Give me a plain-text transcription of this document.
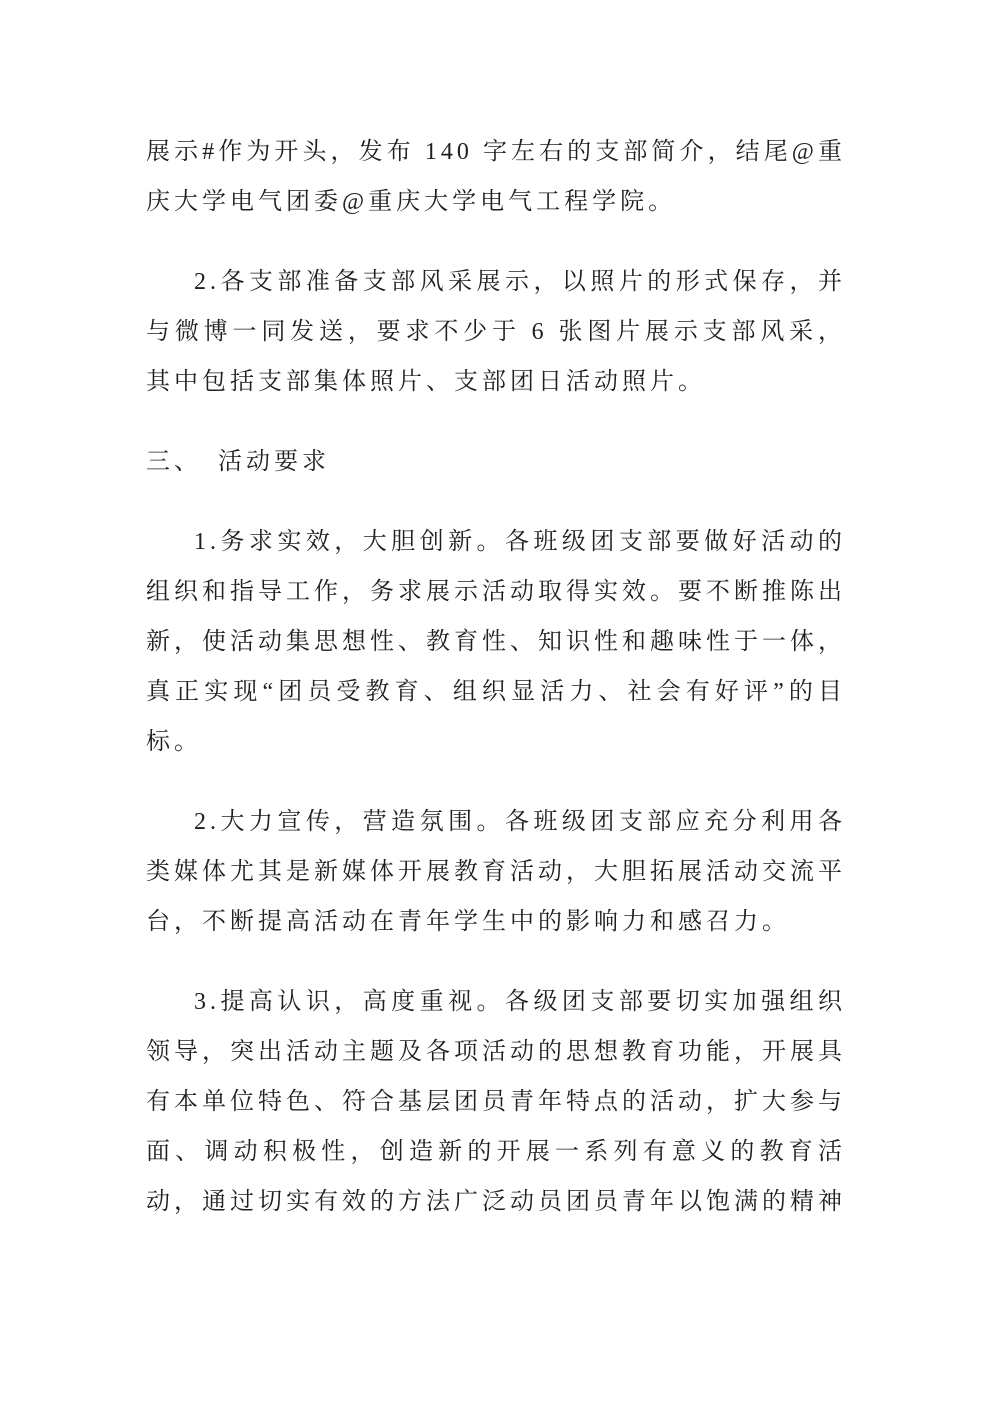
展示#作为开头，发布 140 字左右的支部简介，结尾@重庆大学电气团委@重庆大学电气工程学院。

2.各支部准备支部风采展示，以照片的形式保存，并与微博一同发送，要求不少于 6 张图片展示支部风采，其中包括支部集体照片、支部团日活动照片。

三、　活动要求

1.务求实效，大胆创新。各班级团支部要做好活动的组织和指导工作，务求展示活动取得实效。要不断推陈出新，使活动集思想性、教育性、知识性和趣味性于一体，真正实现“团员受教育、组织显活力、社会有好评”的目标。

2.大力宣传，营造氛围。各班级团支部应充分利用各类媒体尤其是新媒体开展教育活动，大胆拓展活动交流平台，不断提高活动在青年学生中的影响力和感召力。

3.提高认识，高度重视。各级团支部要切实加强组织领导，突出活动主题及各项活动的思想教育功能，开展具有本单位特色、符合基层团员青年特点的活动，扩大参与面、调动积极性，创造新的开展一系列有意义的教育活动，通过切实有效的方法广泛动员团员青年以饱满的精神
